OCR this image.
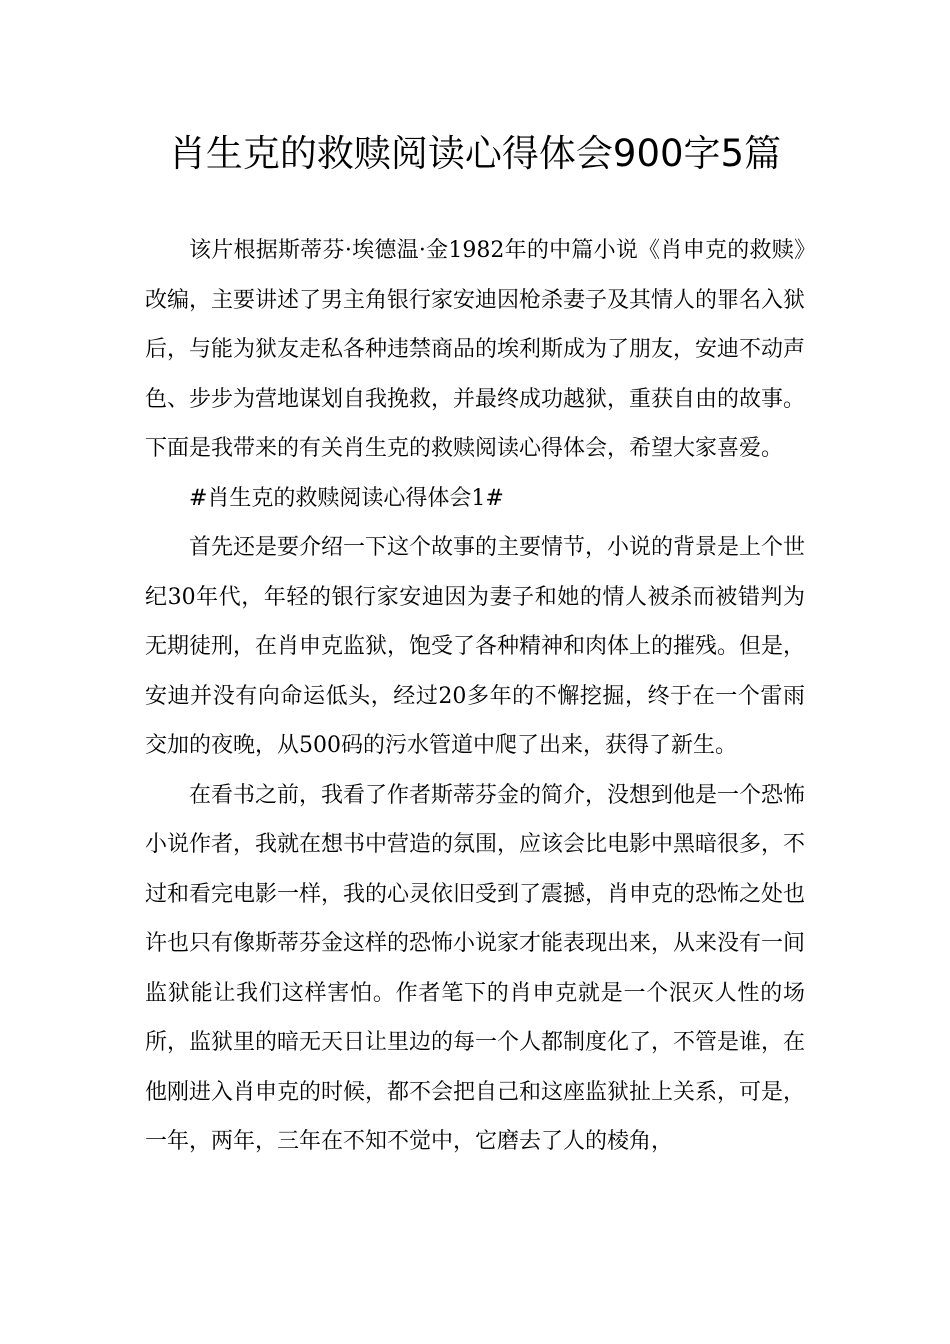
肖生克的救赎阅读心得体会900字5篇

该片根据斯蒂芬·埃德温·金1982年的中篇小说《肖申克的救赎》改编，主要讲述了男主角银行家安迪因枪杀妻子及其情人的罪名入狱后，与能为狱友走私各种违禁商品的埃利斯成为了朋友，安迪不动声色、步步为营地谋划自我挽救，并最终成功越狱，重获自由的故事。下面是我带来的有关肖生克的救赎阅读心得体会，希望大家喜爱。

#肖生克的救赎阅读心得体会1#

首先还是要介绍一下这个故事的主要情节，小说的背景是上个世纪30年代，年轻的银行家安迪因为妻子和她的情人被杀而被错判为无期徒刑，在肖申克监狱，饱受了各种精神和肉体上的摧残。但是，安迪并没有向命运低头，经过20多年的不懈挖掘，终于在一个雷雨交加的夜晚，从500码的污水管道中爬了出来，获得了新生。

在看书之前，我看了作者斯蒂芬金的简介，没想到他是一个恐怖小说作者，我就在想书中营造的氛围，应该会比电影中黑暗很多，不过和看完电影一样，我的心灵依旧受到了震撼，肖申克的恐怖之处也许也只有像斯蒂芬金这样的恐怖小说家才能表现出来，从来没有一间监狱能让我们这样害怕。作者笔下的肖申克就是一个泯灭人性的场所，监狱里的暗无天日让里边的每一个人都制度化了，不管是谁，在他刚进入肖申克的时候，都不会把自己和这座监狱扯上关系，可是，一年，两年，三年在不知不觉中，它磨去了人的棱角，
